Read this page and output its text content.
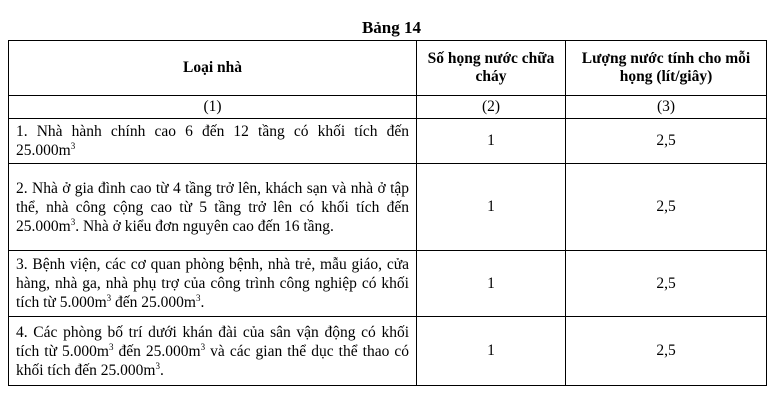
Bảng 14
Loại nhà	Số họng nước chữa cháy	Lượng nước tính cho mỗi họng (lít/giây)
(1)	(2)	(3)
1. Nhà hành chính cao 6 đến 12 tầng có khối tích đến $25.000m^3$	1	2,5
2. Nhà ở gia đình cao từ 4 tầng trở lên, khách sạn và nhà ở tập thể, nhà công cộng cao từ 5 tầng trở lên có khối tích đến $25.000m^3$. Nhà ở kiểu đơn nguyên cao đến 16 tầng.	1	2,5
3. Bệnh viện, các cơ quan phòng bệnh, nhà trẻ, mẫu giáo, cửa hàng, nhà ga, nhà phụ trợ của công trình công nghiệp có khối tích từ $5.000m^3$ đến $25.000m^3$.	1	2,5
4. Các phòng bố trí dưới khán đài của sân vận động có khối tích từ $5.000m^3$ đến $25.000m^3$ và các gian thể dục thể thao có khối tích đến $25.000m^3$.	1	2,5
